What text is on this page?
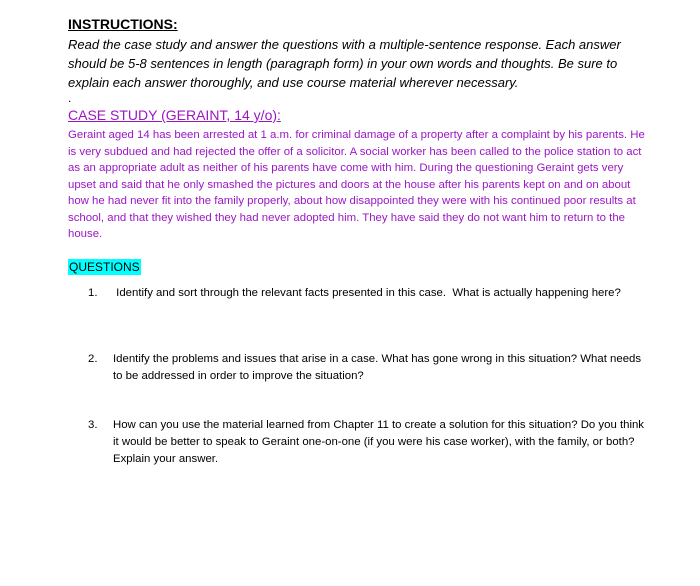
INSTRUCTIONS:

Read the case study and answer the questions with a multiple-sentence response. Each answer should be 5-8 sentences in length (paragraph form) in your own words and thoughts. Be sure to explain each answer thoroughly, and use course material wherever necessary.

.

CASE STUDY (GERAINT, 14 y/o):

Geraint aged 14 has been arrested at 1 a.m. for criminal damage of a property after a complaint by his parents. He is very subdued and had rejected the offer of a solicitor. A social worker has been called to the police station to act as an appropriate adult as neither of his parents have come with him. During the questioning Geraint gets very upset and said that he only smashed the pictures and doors at the house after his parents kept on and on about how he had never fit into the family properly, about how disappointed they were with his continued poor results at school, and that they wished they had never adopted him. They have said they do not want him to return to the house.

QUESTIONS

1.	Identify and sort through the relevant facts presented in this case.  What is actually happening here?
2.	Identify the problems and issues that arise in a case. What has gone wrong in this situation? What needs to be addressed in order to improve the situation?
3.	How can you use the material learned from Chapter 11 to create a solution for this situation? Do you think it would be better to speak to Geraint one-on-one (if you were his case worker), with the family, or both? Explain your answer.
